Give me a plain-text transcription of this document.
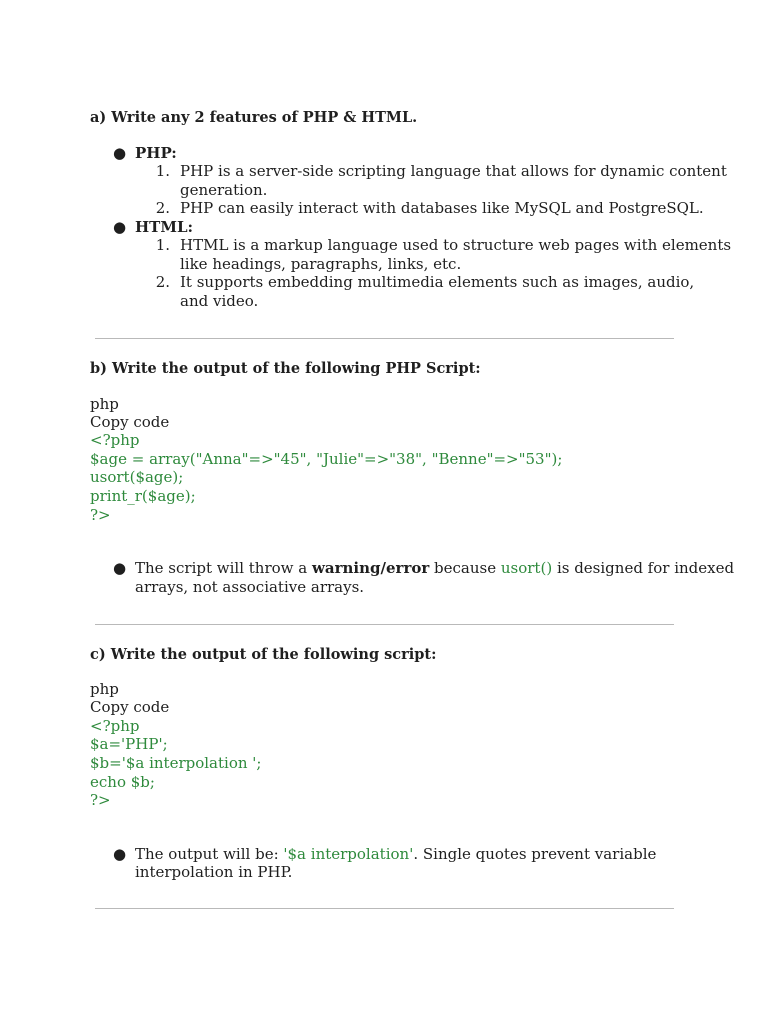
a) Write any 2 features of PHP & HTML.
● PHP:
1. PHP is a server-side scripting language that allows for dynamic content
generation.
2. PHP can easily interact with databases like MySQL and PostgreSQL.
● HTML:
1. HTML is a markup language used to structure web pages with elements
like headings, paragraphs, links, etc.
2. It supports embedding multimedia elements such as images, audio,
and video.
b) Write the output of the following PHP Script:
php
Copy code
<?php
$age = array("Anna"=>"45", "Julie"=>"38", "Benne"=>"53");
usort($age);
print_r($age);
?>
● The script will throw a warning/error because usort() is designed for indexed
arrays, not associative arrays.
c) Write the output of the following script:
php
Copy code
<?php
$a='PHP';
$b='$a interpolation ';
echo $b;
?>
● The output will be: '$a interpolation'. Single quotes prevent variable
interpolation in PHP.
